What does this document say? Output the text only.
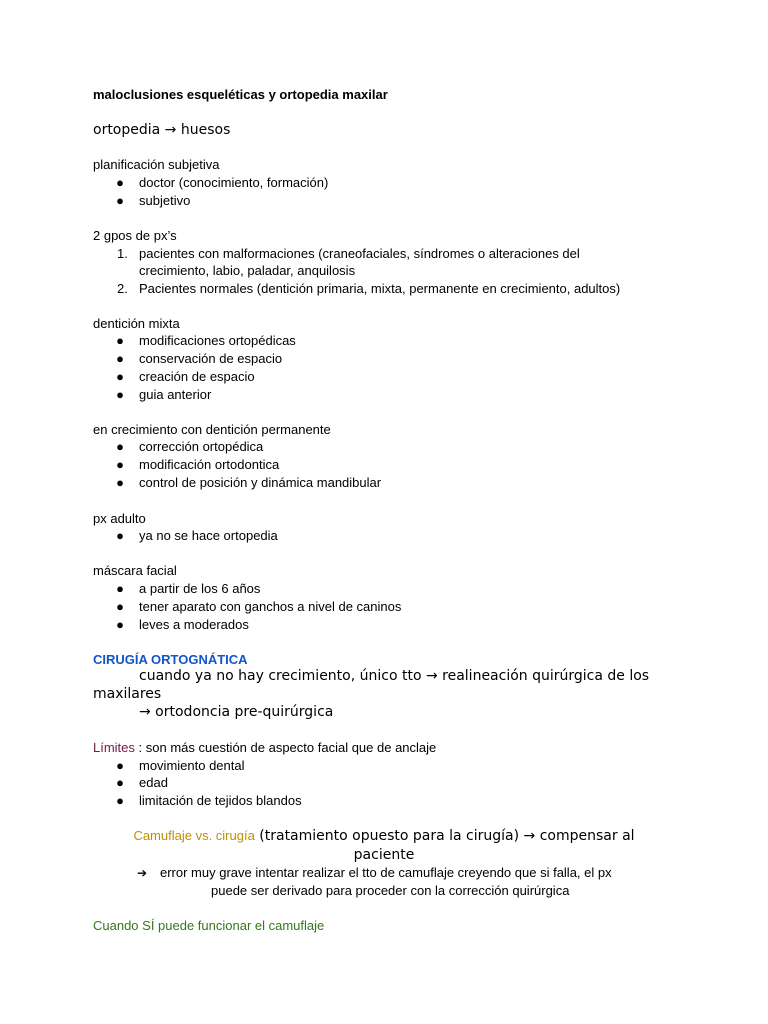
maloclusiones esqueléticas y ortopedia maxilar
ortopedia → huesos
planificación subjetiva
● doctor (conocimiento, formación)
● subjetivo
2 gpos de px’s
1. pacientes con malformaciones (craneofaciales, síndromes o alteraciones del
crecimiento, labio, paladar, anquilosis
2. Pacientes normales (dentición primaria, mixta, permanente en crecimiento, adultos)
dentición mixta
● modificaciones ortopédicas
● conservación de espacio
● creación de espacio
● guia anterior
en crecimiento con dentición permanente
● corrección ortopédica
● modificación ortodontica
● control de posición y dinámica mandibular
px adulto
● ya no se hace ortopedia
máscara facial
● a partir de los 6 años
● tener aparato con ganchos a nivel de caninos
● leves a moderados
CIRUGÍA ORTOGNÁTICA
cuando ya no hay crecimiento, único tto → realineación quirúrgica de los
maxilares
→ ortodoncia pre-quirúrgica
Límites : son más cuestión de aspecto facial que de anclaje
● movimiento dental
● edad
● limitación de tejidos blandos
Camuflaje vs. cirugía (tratamiento opuesto para la cirugía) → compensar al
paciente
➔ error muy grave intentar realizar el tto de camuflaje creyendo que si falla, el px
puede ser derivado para proceder con la corrección quirúrgica
Cuando SÍ puede funcionar el camuflaje
